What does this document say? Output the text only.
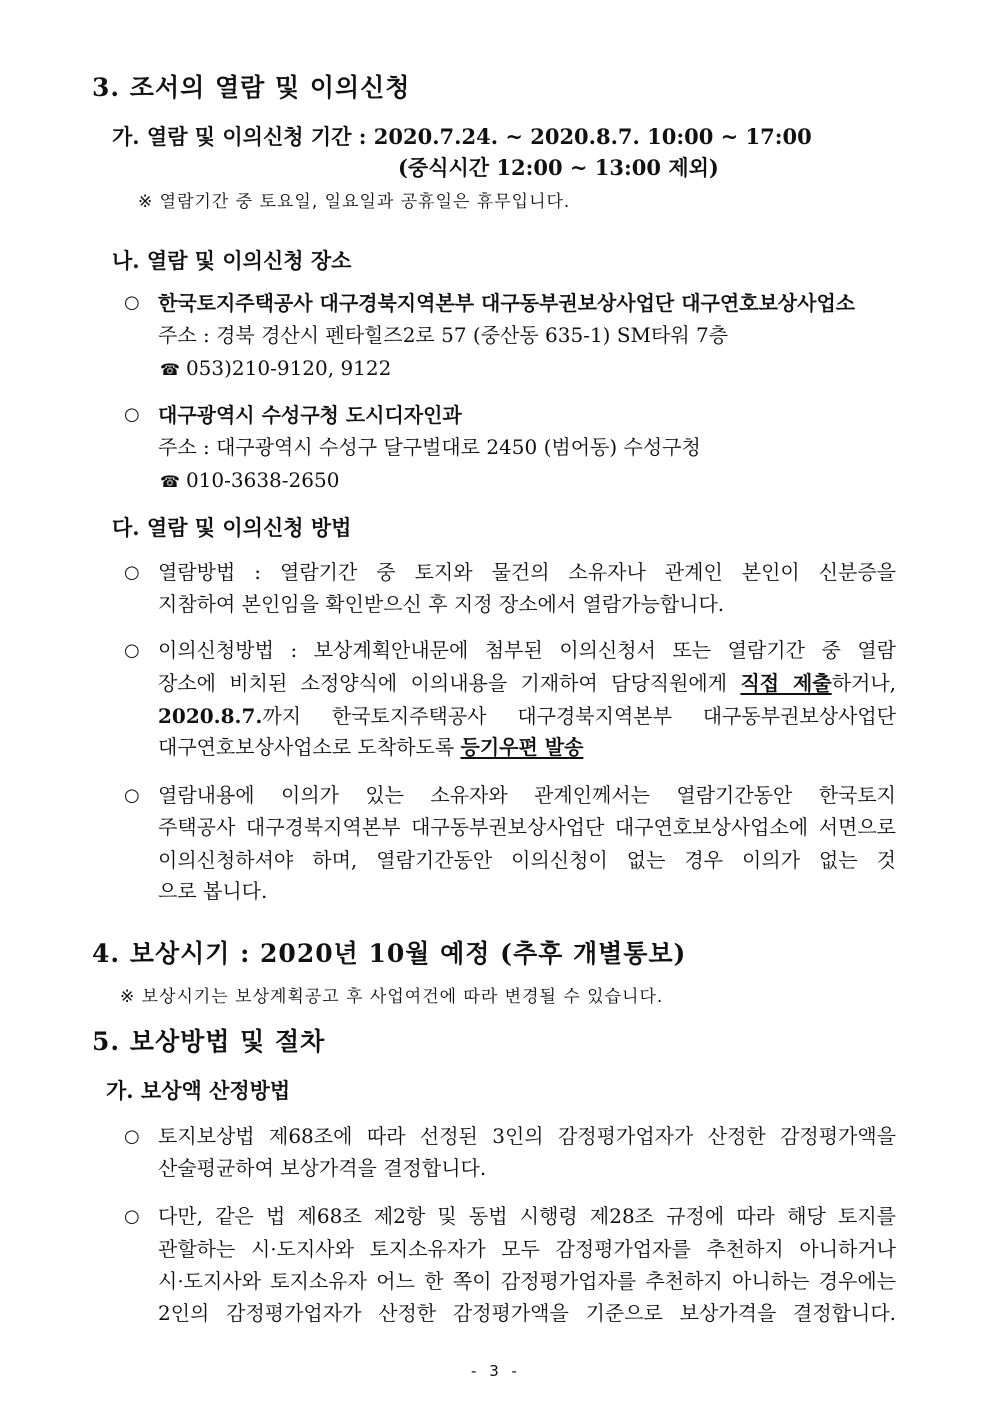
3. 조서의 열람 및 이의신청
가. 열람 및 이의신청 기간 : 2020.7.24. ~ 2020.8.7. 10:00 ~ 17:00
(중식시간 12:00 ~ 13:00 제외)
※ 열람기간 중 토요일, 일요일과 공휴일은 휴무입니다.
나. 열람 및 이의신청 장소
○ 한국토지주택공사 대구경북지역본부 대구동부권보상사업단 대구연호보상사업소
주소 : 경북 경산시 펜타힐즈2로 57 (중산동 635-1) SM타워 7층
☎ 053)210-9120, 9122
○ 대구광역시 수성구청 도시디자인과
주소 : 대구광역시 수성구 달구벌대로 2450 (범어동) 수성구청
☎ 010-3638-2650
다. 열람 및 이의신청 방법
○ 열람방법 : 열람기간 중 토지와 물건의 소유자나 관계인 본인이 신분증을
지참하여 본인임을 확인받으신 후 지정 장소에서 열람가능합니다.
○ 이의신청방법 : 보상계획안내문에 첨부된 이의신청서 또는 열람기간 중 열람
장소에 비치된 소정양식에 이의내용을 기재하여 담당직원에게 직접 제출하거나,
2020.8.7.까지 한국토지주택공사 대구경북지역본부 대구동부권보상사업단
대구연호보상사업소로 도착하도록 등기우편 발송
○ 열람내용에 이의가 있는 소유자와 관계인께서는 열람기간동안 한국토지
주택공사 대구경북지역본부 대구동부권보상사업단 대구연호보상사업소에 서면으로
이의신청하셔야 하며, 열람기간동안 이의신청이 없는 경우 이의가 없는 것
으로 봅니다.
4. 보상시기 : 2020년 10월 예정 (추후 개별통보)
※ 보상시기는 보상계획공고 후 사업여건에 따라 변경될 수 있습니다.
5. 보상방법 및 절차
가. 보상액 산정방법
○ 토지보상법 제68조에 따라 선정된 3인의 감정평가업자가 산정한 감정평가액을
산술평균하여 보상가격을 결정합니다.
○ 다만, 같은 법 제68조 제2항 및 동법 시행령 제28조 규정에 따라 해당 토지를
관할하는 시·도지사와 토지소유자가 모두 감정평가업자를 추천하지 아니하거나
시·도지사와 토지소유자 어느 한 쪽이 감정평가업자를 추천하지 아니하는 경우에는
2인의 감정평가업자가 산정한 감정평가액을 기준으로 보상가격을 결정합니다.
- 3 -
